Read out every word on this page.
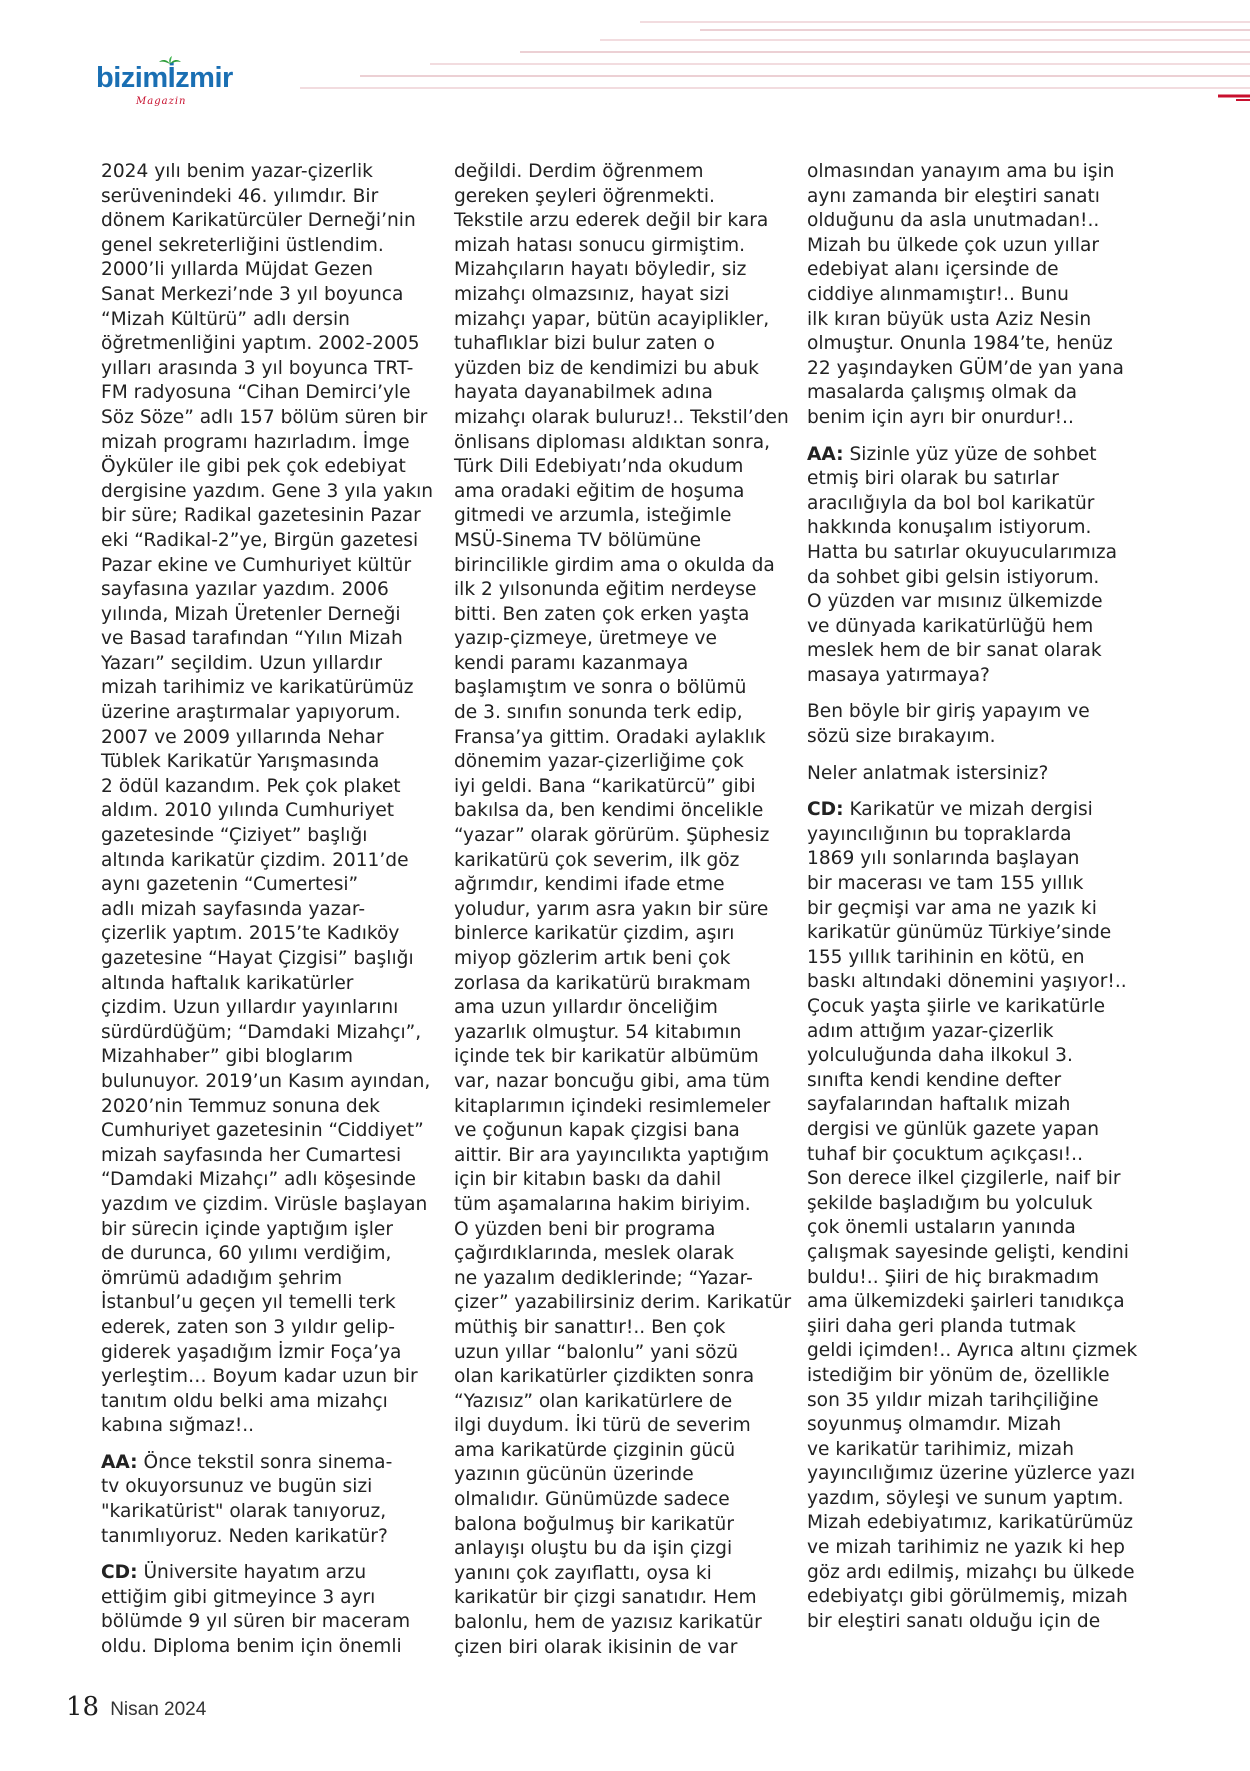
bizimİzmir
Magazin
2024 yılı benim yazar-çizerlik
serüvenindeki 46. yılımdır. Bir
dönem Karikatürcüler Derneği’nin
genel sekreterliğini üstlendim.
2000’li yıllarda Müjdat Gezen
Sanat Merkezi’nde 3 yıl boyunca
“Mizah Kültürü” adlı dersin
öğretmenliğini yaptım. 2002-2005
yılları arasında 3 yıl boyunca TRT-
FM radyosuna “Cihan Demirci’yle
Söz Söze” adlı 157 bölüm süren bir
mizah programı hazırladım. İmge
Öyküler ile gibi pek çok edebiyat
dergisine yazdım. Gene 3 yıla yakın
bir süre; Radikal gazetesinin Pazar
eki “Radikal-2”ye, Birgün gazetesi
Pazar ekine ve Cumhuriyet kültür
sayfasına yazılar yazdım. 2006
yılında, Mizah Üretenler Derneği
ve Basad tarafından “Yılın Mizah
Yazarı” seçildim. Uzun yıllardır
mizah tarihimiz ve karikatürümüz
üzerine araştırmalar yapıyorum.
2007 ve 2009 yıllarında Nehar
Tüblek Karikatür Yarışmasında
2 ödül kazandım. Pek çok plaket
aldım. 2010 yılında Cumhuriyet
gazetesinde “Çiziyet” başlığı
altında karikatür çizdim. 2011’de
aynı gazetenin “Cumertesi”
adlı mizah sayfasında yazar-
çizerlik yaptım. 2015’te Kadıköy
gazetesine “Hayat Çizgisi” başlığı
altında haftalık karikatürler
çizdim. Uzun yıllardır yayınlarını
sürdürdüğüm; “Damdaki Mizahçı”,
Mizahhaber” gibi bloglarım
bulunuyor. 2019’un Kasım ayından,
2020’nin Temmuz sonuna dek
Cumhuriyet gazetesinin “Ciddiyet”
mizah sayfasında her Cumartesi
“Damdaki Mizahçı” adlı köşesinde
yazdım ve çizdim. Virüsle başlayan
bir sürecin içinde yaptığım işler
de durunca, 60 yılımı verdiğim,
ömrümü adadığım şehrim
İstanbul’u geçen yıl temelli terk
ederek, zaten son 3 yıldır gelip-
giderek yaşadığım İzmir Foça’ya
yerleştim… Boyum kadar uzun bir
tanıtım oldu belki ama mizahçı
kabına sığmaz!..
AA: Önce tekstil sonra sinema-
tv okuyorsunuz ve bugün sizi
"karikatürist" olarak tanıyoruz,
tanımlıyoruz. Neden karikatür?
CD: Üniversite hayatım arzu
ettiğim gibi gitmeyince 3 ayrı
bölümde 9 yıl süren bir maceram
oldu. Diploma benim için önemli
değildi. Derdim öğrenmem
gereken şeyleri öğrenmekti.
Tekstile arzu ederek değil bir kara
mizah hatası sonucu girmiştim.
Mizahçıların hayatı böyledir, siz
mizahçı olmazsınız, hayat sizi
mizahçı yapar, bütün acayiplikler,
tuhaflıklar bizi bulur zaten o
yüzden biz de kendimizi bu abuk
hayata dayanabilmek adına
mizahçı olarak buluruz!.. Tekstil’den
önlisans diploması aldıktan sonra,
Türk Dili Edebiyatı’nda okudum
ama oradaki eğitim de hoşuma
gitmedi ve arzumla, isteğimle
MSÜ-Sinema TV bölümüne
birincilikle girdim ama o okulda da
ilk 2 yılsonunda eğitim nerdeyse
bitti. Ben zaten çok erken yaşta
yazıp-çizmeye, üretmeye ve
kendi paramı kazanmaya
başlamıştım ve sonra o bölümü
de 3. sınıfın sonunda terk edip,
Fransa’ya gittim. Oradaki aylaklık
dönemim yazar-çizerliğime çok
iyi geldi. Bana “karikatürcü” gibi
bakılsa da, ben kendimi öncelikle
“yazar” olarak görürüm. Şüphesiz
karikatürü çok severim, ilk göz
ağrımdır, kendimi ifade etme
yoludur, yarım asra yakın bir süre
binlerce karikatür çizdim, aşırı
miyop gözlerim artık beni çok
zorlasa da karikatürü bırakmam
ama uzun yıllardır önceliğim
yazarlık olmuştur. 54 kitabımın
içinde tek bir karikatür albümüm
var, nazar boncuğu gibi, ama tüm
kitaplarımın içindeki resimlemeler
ve çoğunun kapak çizgisi bana
aittir. Bir ara yayıncılıkta yaptığım
için bir kitabın baskı da dahil
tüm aşamalarına hakim biriyim.
O yüzden beni bir programa
çağırdıklarında, meslek olarak
ne yazalım dediklerinde; “Yazar-
çizer” yazabilirsiniz derim. Karikatür
müthiş bir sanattır!.. Ben çok
uzun yıllar “balonlu” yani sözü
olan karikatürler çizdikten sonra
“Yazısız” olan karikatürlere de
ilgi duydum. İki türü de severim
ama karikatürde çizginin gücü
yazının gücünün üzerinde
olmalıdır. Günümüzde sadece
balona boğulmuş bir karikatür
anlayışı oluştu bu da işin çizgi
yanını çok zayıflattı, oysa ki
karikatür bir çizgi sanatıdır. Hem
balonlu, hem de yazısız karikatür
çizen biri olarak ikisinin de var
olmasından yanayım ama bu işin
aynı zamanda bir eleştiri sanatı
olduğunu da asla unutmadan!..
Mizah bu ülkede çok uzun yıllar
edebiyat alanı içersinde de
ciddiye alınmamıştır!.. Bunu
ilk kıran büyük usta Aziz Nesin
olmuştur. Onunla 1984’te, henüz
22 yaşındayken GÜM’de yan yana
masalarda çalışmış olmak da
benim için ayrı bir onurdur!..
AA: Sizinle yüz yüze de sohbet
etmiş biri olarak bu satırlar
aracılığıyla da bol bol karikatür
hakkında konuşalım istiyorum.
Hatta bu satırlar okuyucularımıza
da sohbet gibi gelsin istiyorum.
O yüzden var mısınız ülkemizde
ve dünyada karikatürlüğü hem
meslek hem de bir sanat olarak
masaya yatırmaya?
Ben böyle bir giriş yapayım ve
sözü size bırakayım.
Neler anlatmak istersiniz?
CD: Karikatür ve mizah dergisi
yayıncılığının bu topraklarda
1869 yılı sonlarında başlayan
bir macerası ve tam 155 yıllık
bir geçmişi var ama ne yazık ki
karikatür günümüz Türkiye’sinde
155 yıllık tarihinin en kötü, en
baskı altındaki dönemini yaşıyor!..
Çocuk yaşta şiirle ve karikatürle
adım attığım yazar-çizerlik
yolculuğunda daha ilkokul 3.
sınıfta kendi kendine defter
sayfalarından haftalık mizah
dergisi ve günlük gazete yapan
tuhaf bir çocuktum açıkçası!..
Son derece ilkel çizgilerle, naif bir
şekilde başladığım bu yolculuk
çok önemli ustaların yanında
çalışmak sayesinde gelişti, kendini
buldu!.. Şiiri de hiç bırakmadım
ama ülkemizdeki şairleri tanıdıkça
şiiri daha geri planda tutmak
geldi içimden!.. Ayrıca altını çizmek
istediğim bir yönüm de, özellikle
son 35 yıldır mizah tarihçiliğine
soyunmuş olmamdır. Mizah
ve karikatür tarihimiz, mizah
yayıncılığımız üzerine yüzlerce yazı
yazdım, söyleşi ve sunum yaptım.
Mizah edebiyatımız, karikatürümüz
ve mizah tarihimiz ne yazık ki hep
göz ardı edilmiş, mizahçı bu ülkede
edebiyatçı gibi görülmemiş, mizah
bir eleştiri sanatı olduğu için de
18 Nisan 2024
